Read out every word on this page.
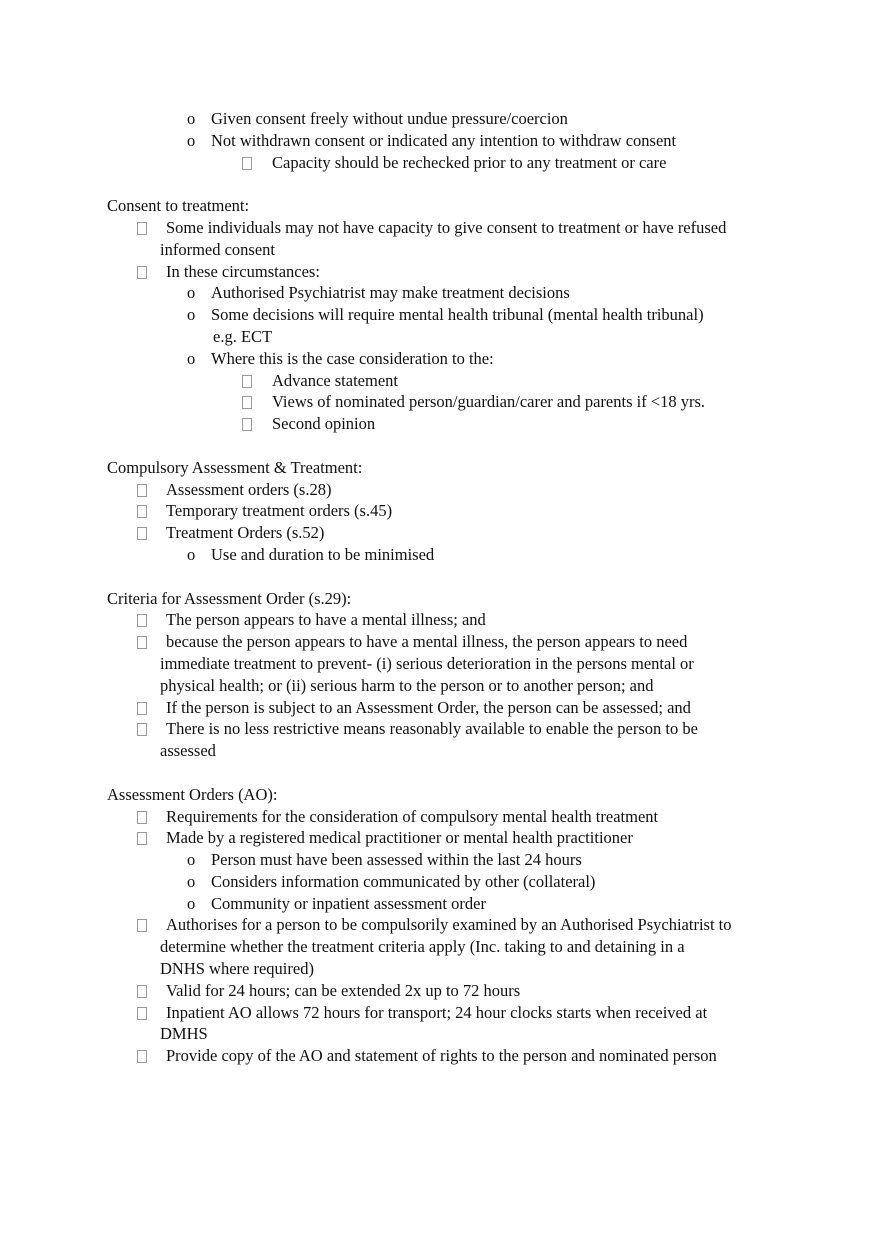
o Given consent freely without undue pressure/coercion
o Not withdrawn consent or indicated any intention to withdraw consent
Capacity should be rechecked prior to any treatment or care
Consent to treatment:
Some individuals may not have capacity to give consent to treatment or have refused
informed consent
In these circumstances:
o Authorised Psychiatrist may make treatment decisions
o Some decisions will require mental health tribunal (mental health tribunal)
e.g. ECT
o Where this is the case consideration to the:
Advance statement
Views of nominated person/guardian/carer and parents if <18 yrs.
Second opinion
Compulsory Assessment & Treatment:
Assessment orders (s.28)
Temporary treatment orders (s.45)
Treatment Orders (s.52)
o Use and duration to be minimised
Criteria for Assessment Order (s.29):
The person appears to have a mental illness; and
because the person appears to have a mental illness, the person appears to need
immediate treatment to prevent- (i) serious deterioration in the persons mental or
physical health; or (ii) serious harm to the person or to another person; and
If the person is subject to an Assessment Order, the person can be assessed; and
There is no less restrictive means reasonably available to enable the person to be
assessed
Assessment Orders (AO):
Requirements for the consideration of compulsory mental health treatment
Made by a registered medical practitioner or mental health practitioner
o Person must have been assessed within the last 24 hours
o Considers information communicated by other (collateral)
o Community or inpatient assessment order
Authorises for a person to be compulsorily examined by an Authorised Psychiatrist to
determine whether the treatment criteria apply (Inc. taking to and detaining in a
DNHS where required)
Valid for 24 hours; can be extended 2x up to 72 hours
Inpatient AO allows 72 hours for transport; 24 hour clocks starts when received at
DMHS
Provide copy of the AO and statement of rights to the person and nominated person
